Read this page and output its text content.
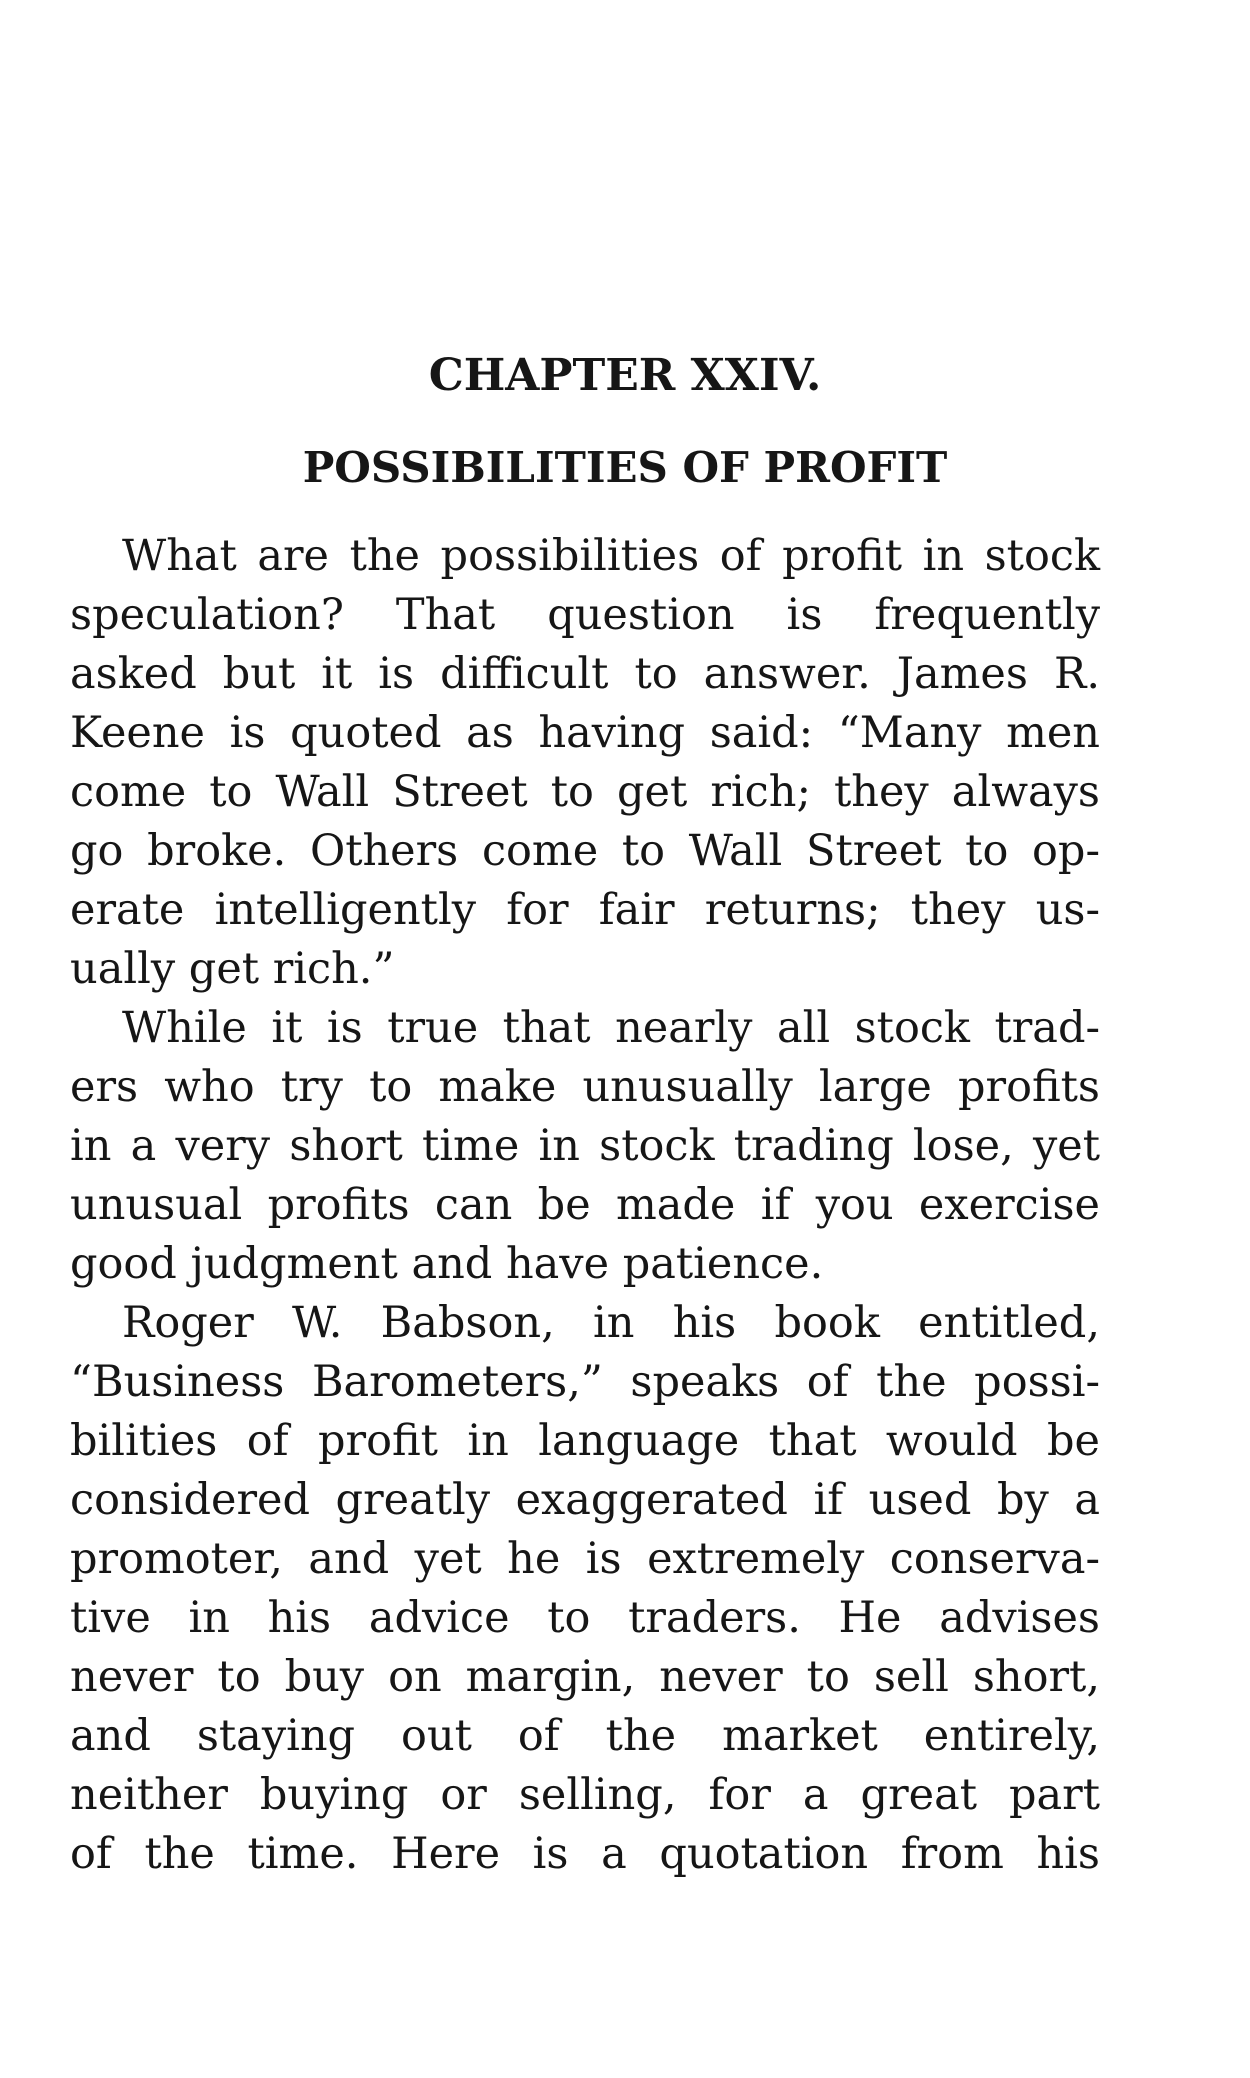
CHAPTER XXIV.
POSSIBILITIES OF PROFIT

What are the possibilities of profit in stock

speculation? That question is frequently

asked but it is difficult to answer. James R.

Keene is quoted as having said: “Many men

come to Wall Street to get rich; they always

go broke. Others come to Wall Street to op-

erate intelligently for fair returns; they us-

ually get rich.”

While it is true that nearly all stock trad-

ers who try to make unusually large profits

in a very short time in stock trading lose, yet

unusual profits can be made if you exercise

good judgment and have patience.

Roger W. Babson, in his book entitled,

“Business Barometers,” speaks of the possi-

bilities of profit in language that would be

considered greatly exaggerated if used by a

promoter, and yet he is extremely conserva-

tive in his advice to traders. He advises

never to buy on margin, never to sell short,

and staying out of the market entirely,

neither buying or selling, for a great part

of the time. Here is a quotation from his
